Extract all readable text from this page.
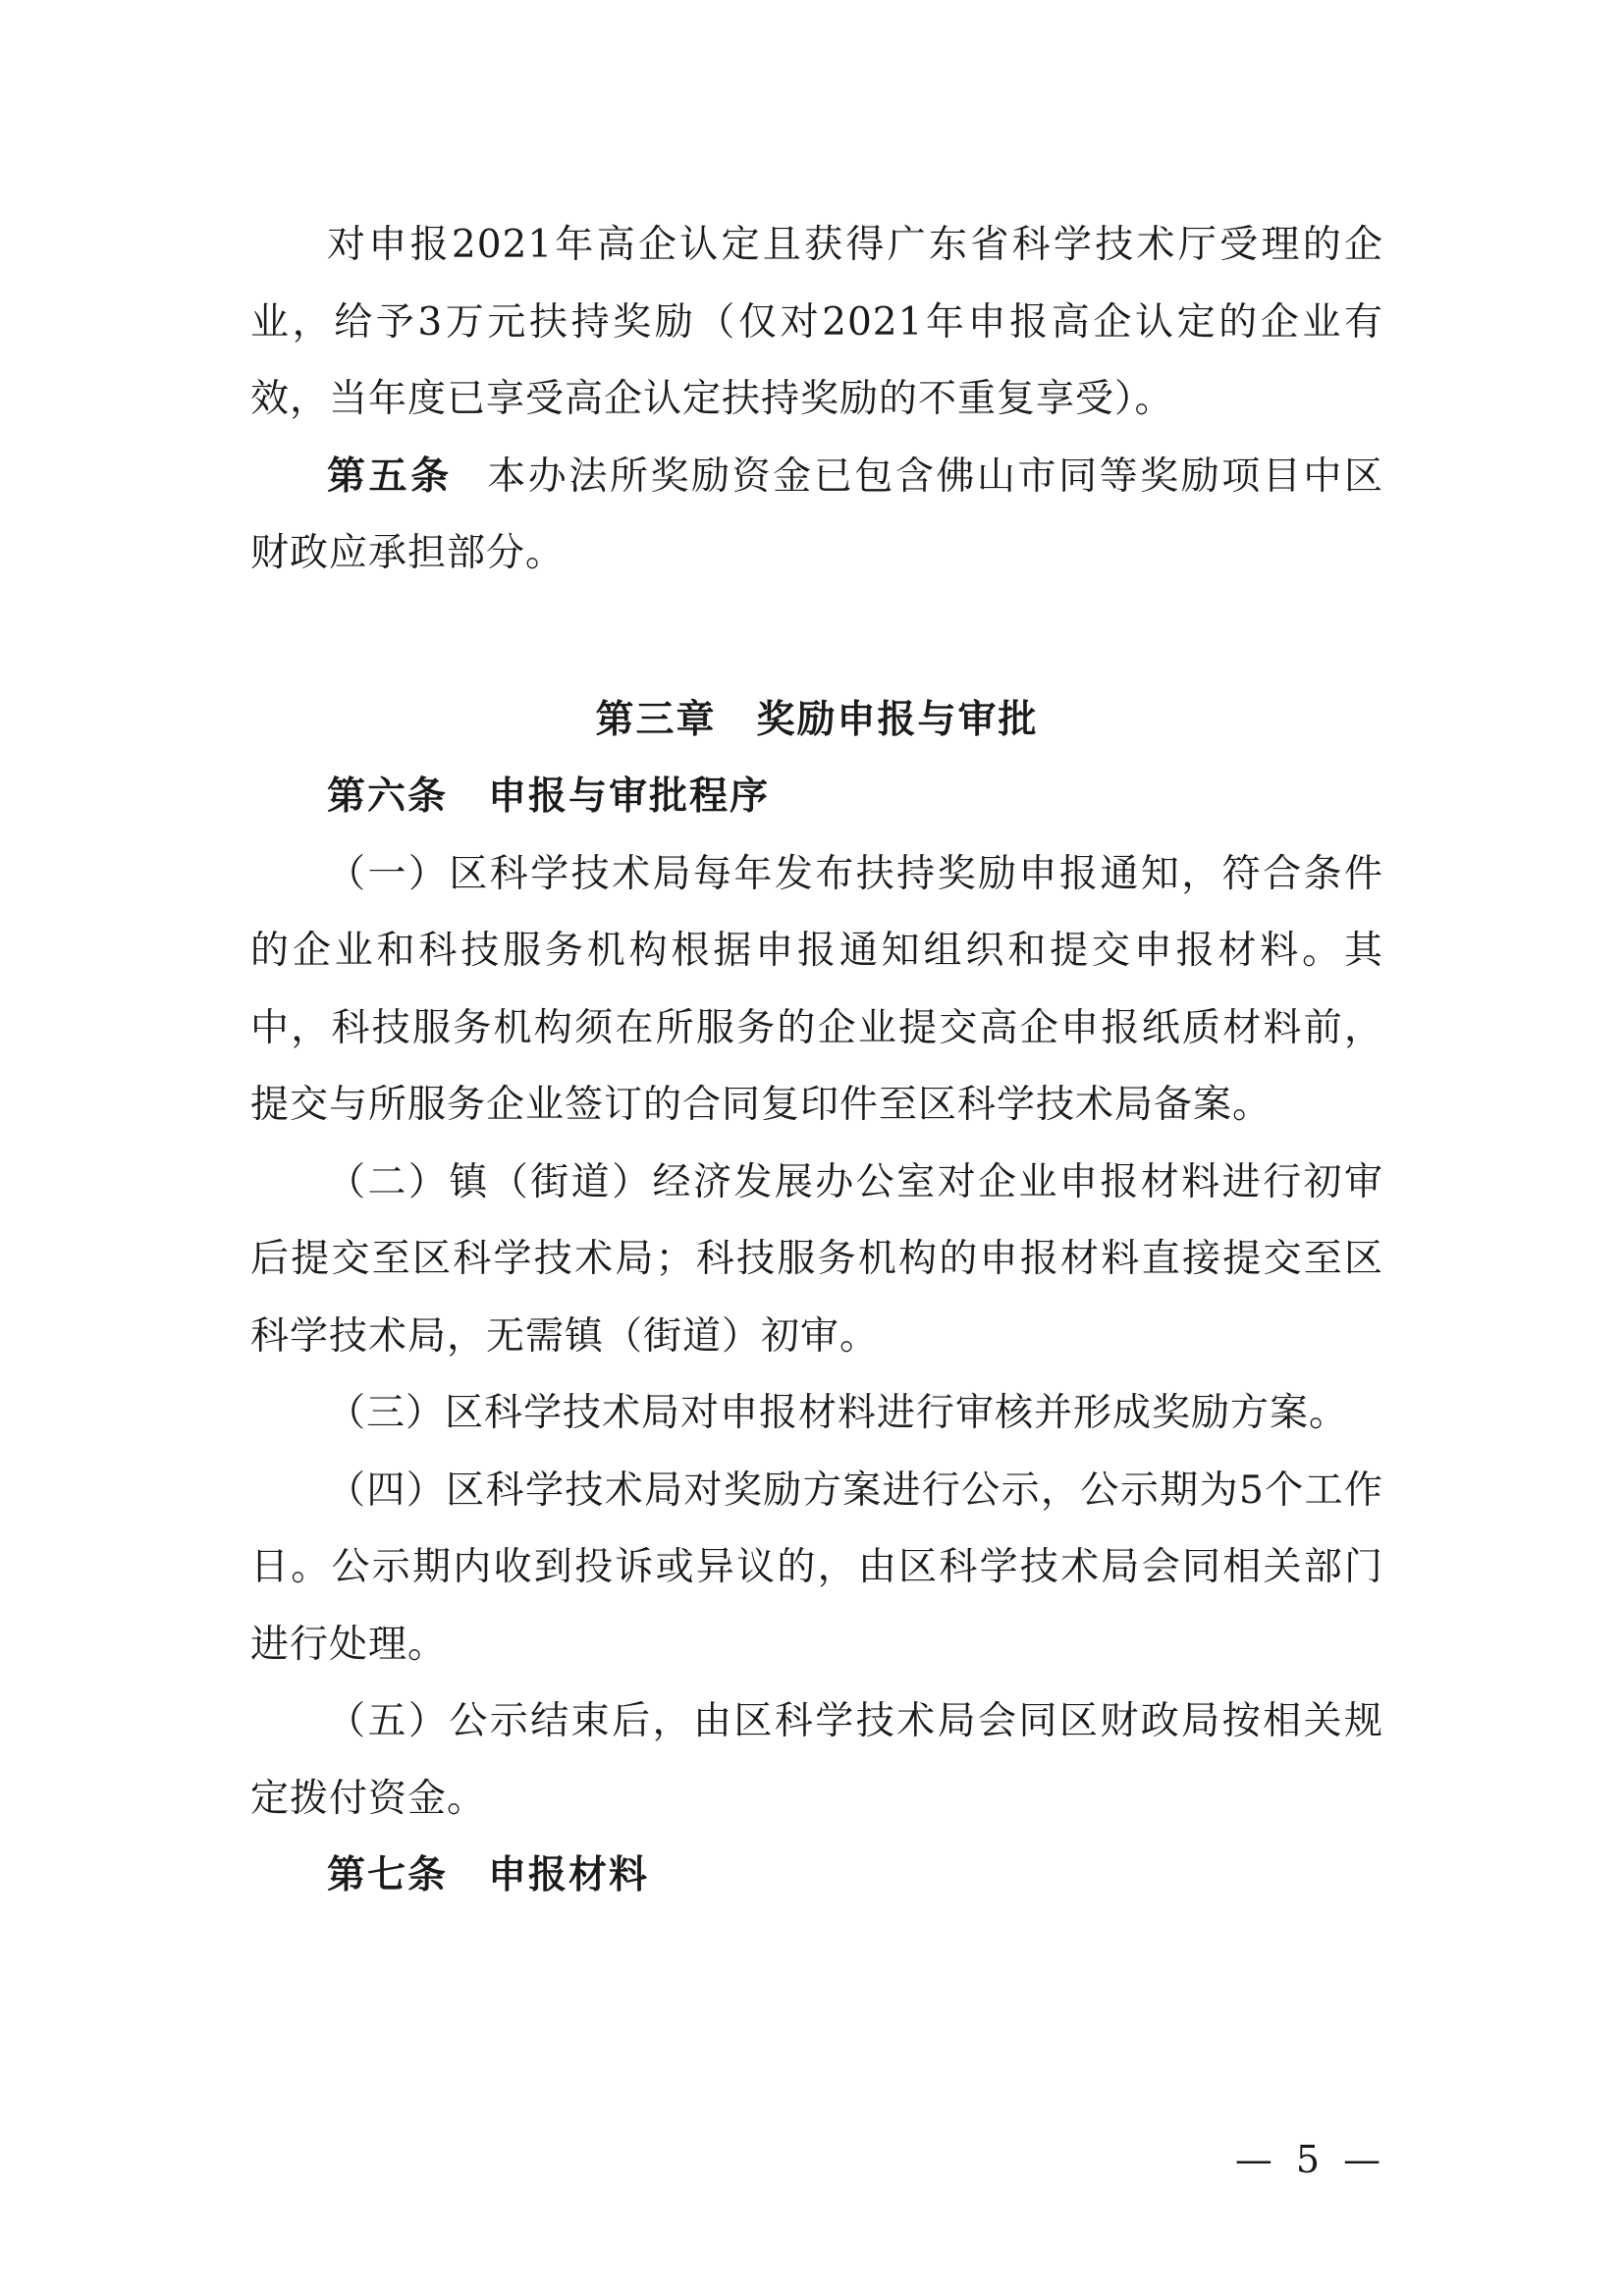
对申报2021年高企认定且获得广东省科学技术厅受理的企业，给予3万元扶持奖励（仅对2021年申报高企认定的企业有效，当年度已享受高企认定扶持奖励的不重复享受）。

第五条 本办法所奖励资金已包含佛山市同等奖励项目中区财政应承担部分。

第三章　奖励申报与审批

第六条　申报与审批程序

（一）区科学技术局每年发布扶持奖励申报通知，符合条件的企业和科技服务机构根据申报通知组织和提交申报材料。其中，科技服务机构须在所服务的企业提交高企申报纸质材料前，提交与所服务企业签订的合同复印件至区科学技术局备案。

（二）镇（街道）经济发展办公室对企业申报材料进行初审后提交至区科学技术局；科技服务机构的申报材料直接提交至区科学技术局，无需镇（街道）初审。

（三）区科学技术局对申报材料进行审核并形成奖励方案。

（四）区科学技术局对奖励方案进行公示，公示期为5个工作日。公示期内收到投诉或异议的，由区科学技术局会同相关部门进行处理。

（五）公示结束后，由区科学技术局会同区财政局按相关规定拨付资金。

第七条　申报材料

— 5 —
